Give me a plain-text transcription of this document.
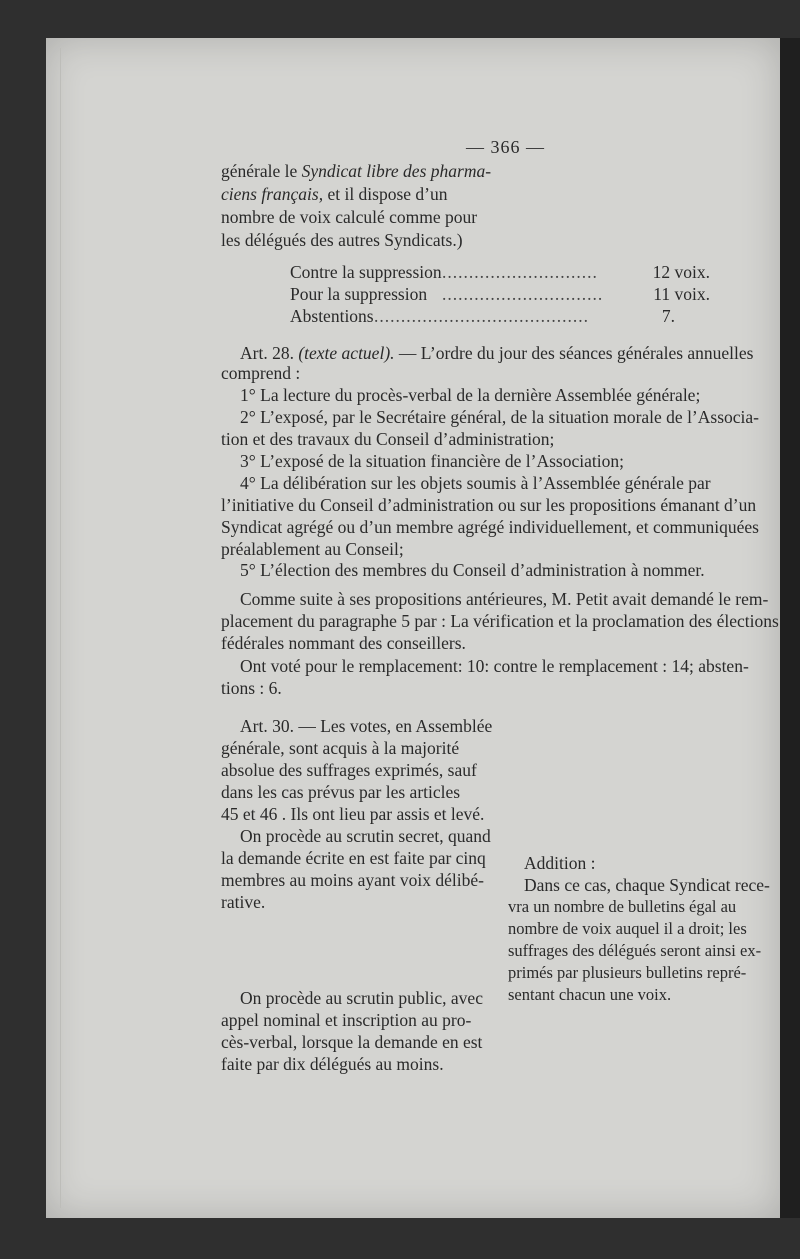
— 366 —
générale le Syndicat libre des pharma-
ciens français, et il dispose d’un
nombre de voix calculé comme pour
les délégués des autres Syndicats.)
Contre la suppression .............................	12 voix.
Pour la suppression ..............................	11 voix.
Abstentions ........................................	7.
Art. 28. (texte actuel). — L’ordre du jour des séances générales annuelles
comprend :
1° La lecture du procès-verbal de la dernière Assemblée générale;
2° L’exposé, par le Secrétaire général, de la situation morale de l’Associa-
tion et des travaux du Conseil d’administration;
3° L’exposé de la situation financière de l’Association;
4° La délibération sur les objets soumis à l’Assemblée générale par
l’initiative du Conseil d’administration ou sur les propositions émanant d’un
Syndicat agrégé ou d’un membre agrégé individuellement, et communiquées
préalablement au Conseil;
5° L’élection des membres du Conseil d’administration à nommer.
Comme suite à ses propositions antérieures, M. Petit avait demandé le rem-
placement du paragraphe 5 par : La vérification et la proclamation des élections
fédérales nommant des conseillers.
Ont voté pour le remplacement: 10: contre le remplacement : 14; absten-
tions : 6.
Art. 30. — Les votes, en Assemblée
générale, sont acquis à la majorité
absolue des suffrages exprimés, sauf
dans les cas prévus par les articles
45 et 46 . Ils ont lieu par assis et levé.
On procède au scrutin secret, quand
la demande écrite en est faite par cinq
membres au moins ayant voix délibé-
rative.
On procède au scrutin public, avec
appel nominal et inscription au pro-
cès-verbal, lorsque la demande en est
faite par dix délégués au moins.
Addition :
Dans ce cas, chaque Syndicat rece-
vra un nombre de bulletins égal au
nombre de voix auquel il a droit; les
suffrages des délégués seront ainsi ex-
primés par plusieurs bulletins repré-
sentant chacun une voix.
